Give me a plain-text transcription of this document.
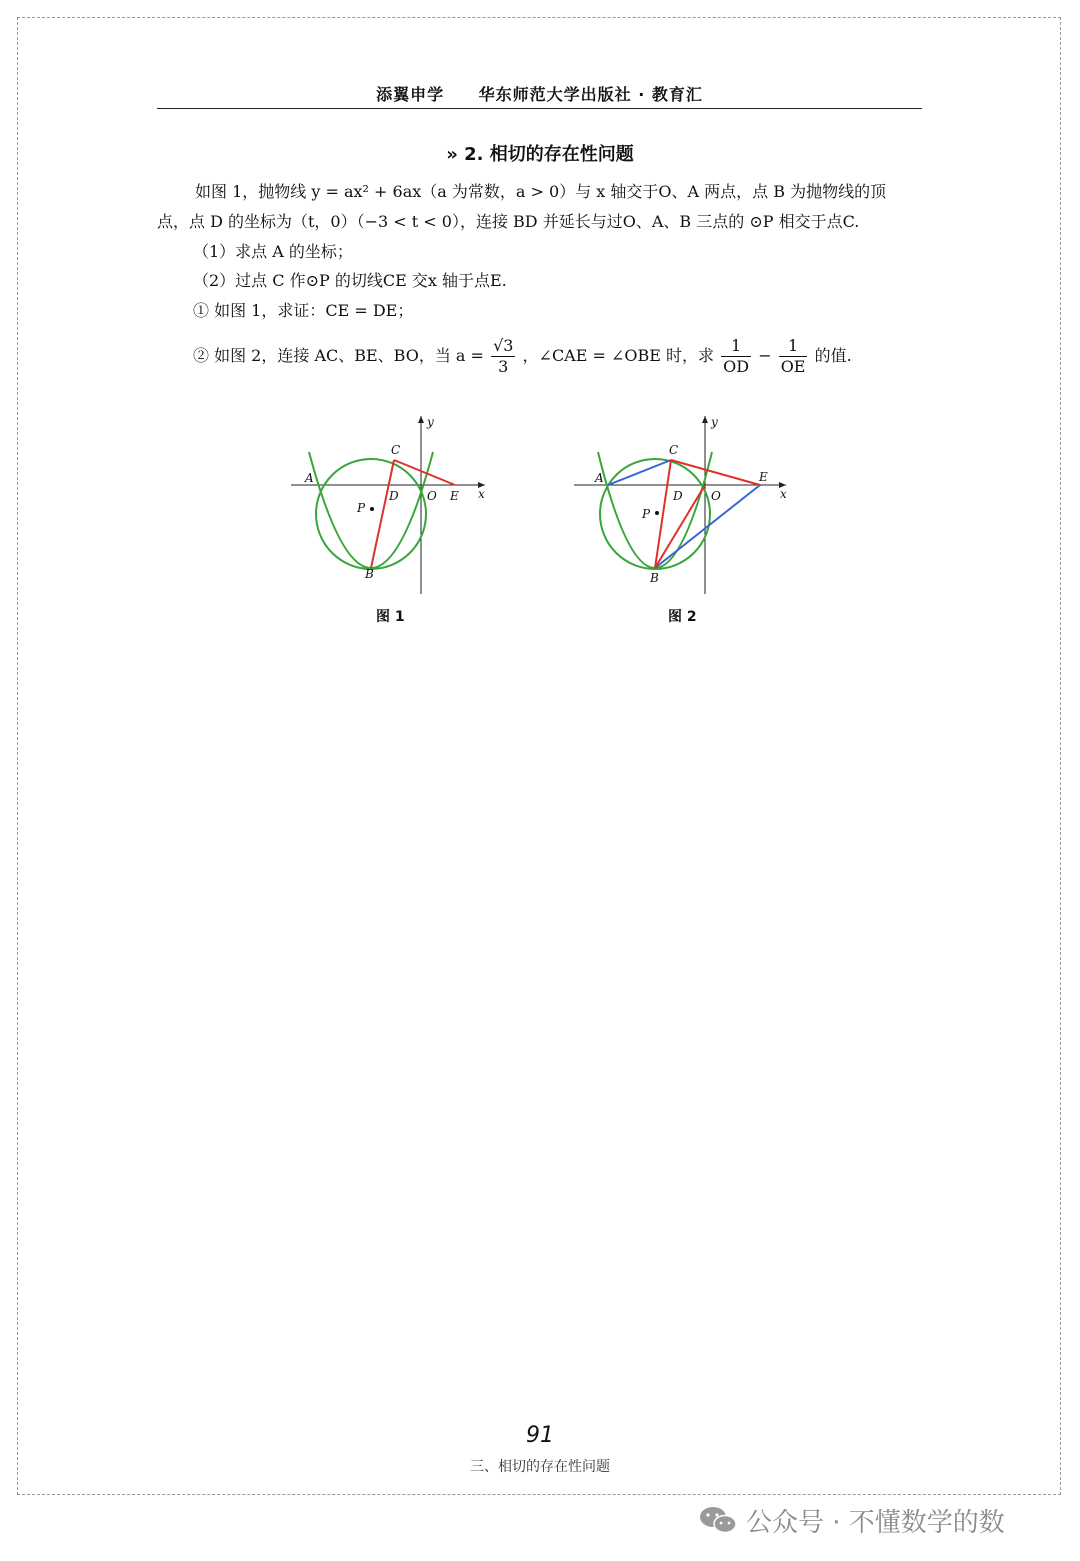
添翼申学 华东师范大学出版社 · 教育汇
» 2. 相切的存在性问题
如图 1，抛物线 y = ax² + 6ax（a 为常数，a > 0）与 x 轴交于O、A 两点，点 B 为抛物线的顶
点，点 D 的坐标为（t，0）（−3 < t < 0），连接 BD 并延长与过O、A、B 三点的 ⊙P 相交于点C.
（1）求点 A 的坐标；
（2）过点 C 作⊙P 的切线CE 交x 轴于点E.
① 如图 1，求证：CE = DE；
② 如图 2，连接 AC、BE、BO，当 $a = \frac{√3}{3}$ ，∠CAE = ∠OBE 时，求 $\frac{1}{OD} - \frac{1}{OE}$ 的值.
y
x
A
C
D O E
P
B
图 1
y
x
A
C
D O
E
P
B
图 2
91
三、相切的存在性问题
公众号 · 不懂数学的数
